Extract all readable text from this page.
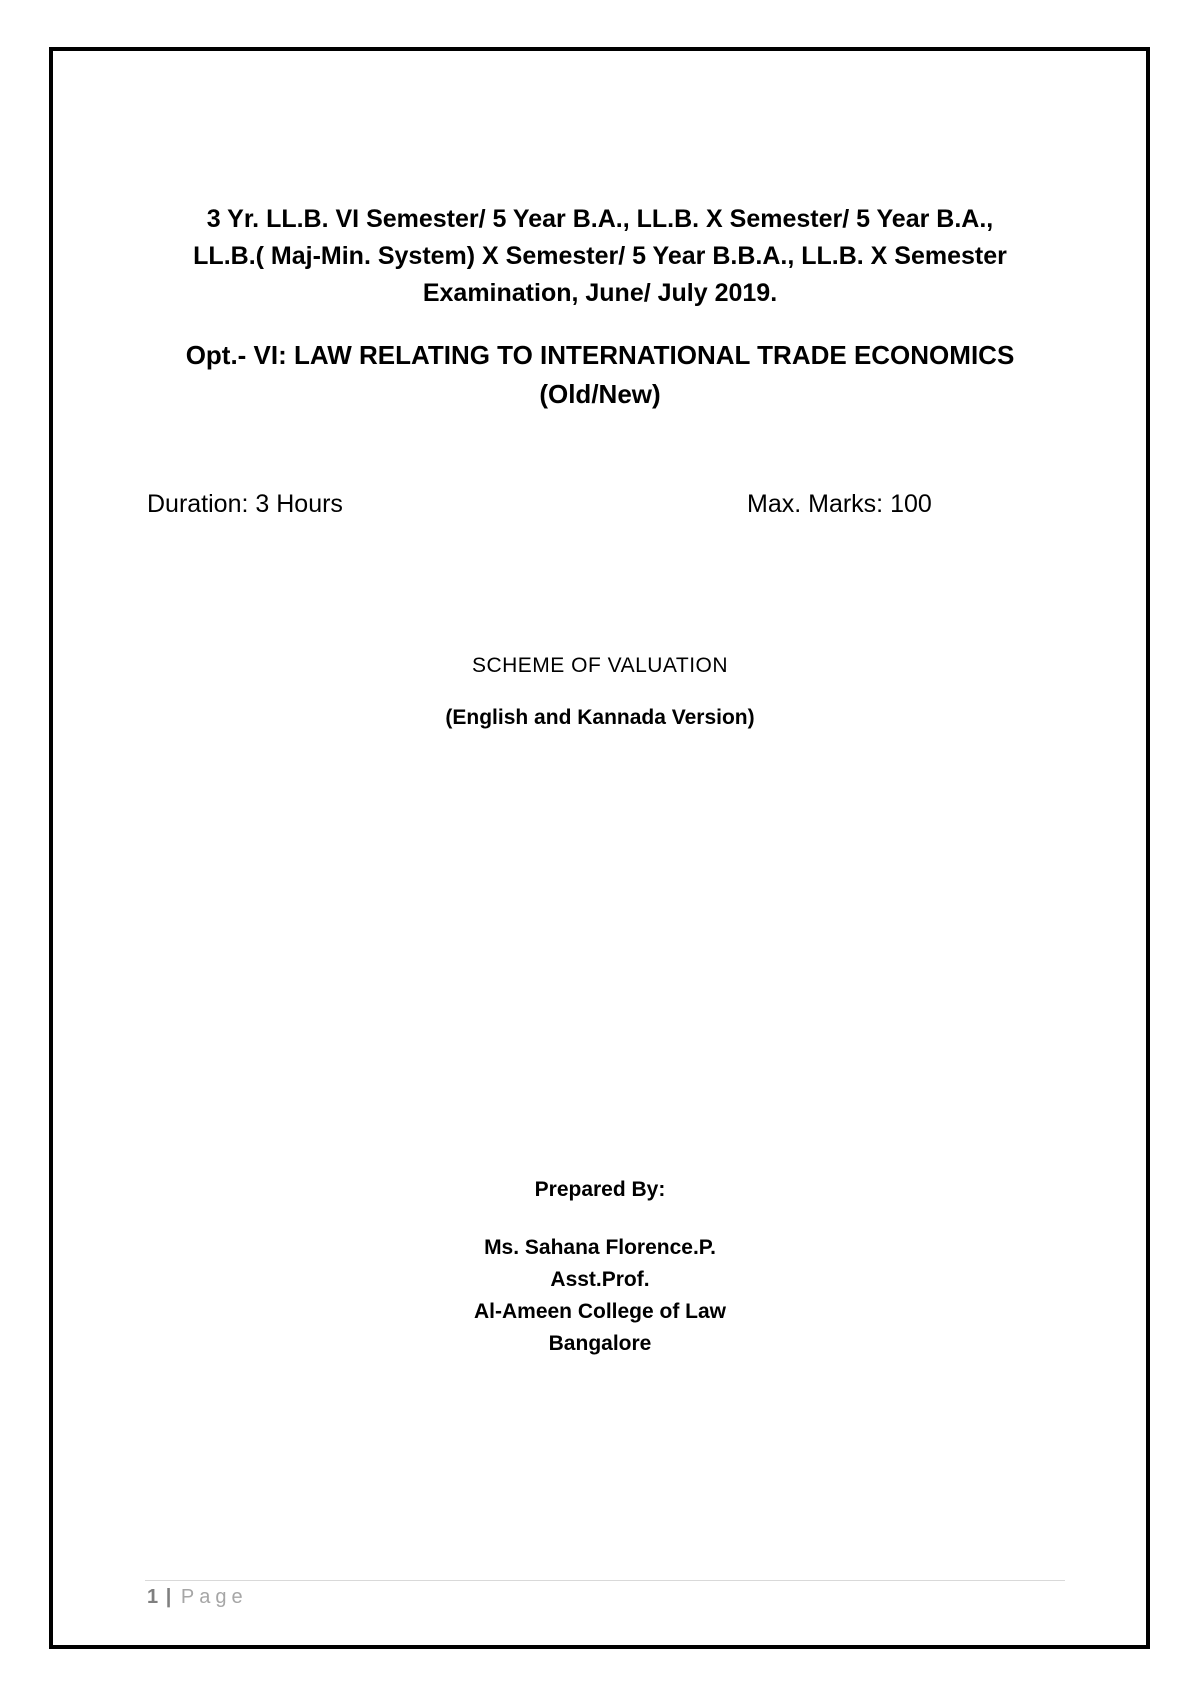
3 Yr. LL.B. VI Semester/ 5 Year B.A., LL.B. X Semester/ 5 Year B.A.,
LL.B.( Maj-Min. System) X Semester/ 5 Year B.B.A., LL.B. X Semester
Examination, June/ July 2019.
Opt.- VI: LAW RELATING TO INTERNATIONAL TRADE ECONOMICS
(Old/New)
Duration: 3 Hours	Max. Marks: 100
SCHEME OF VALUATION
(English and Kannada Version)
Prepared By:
Ms. Sahana Florence.P.
Asst.Prof.
Al-Ameen College of Law
Bangalore
1 | Page
